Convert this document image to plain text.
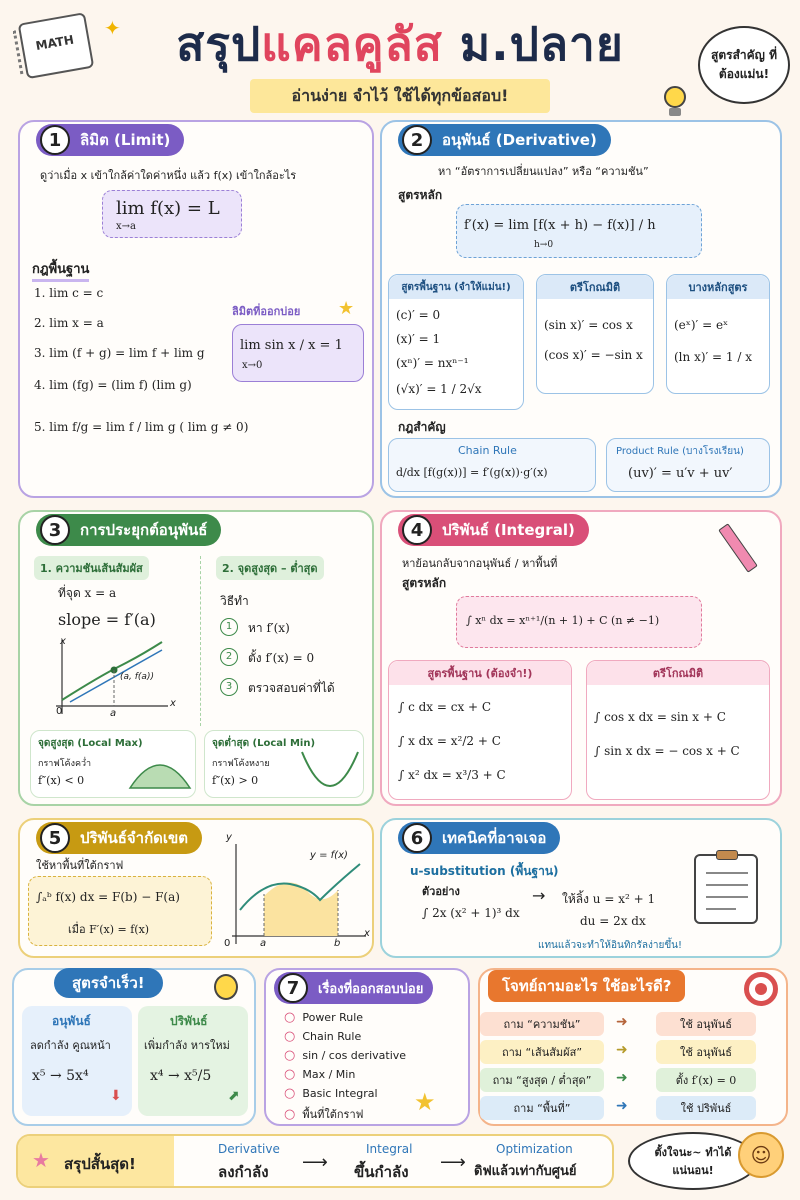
MATH
✦	สรุปแคลคูลัส ม.ปลาย
อ่านง่าย จำไว้ ใช้ได้ทุกข้อสอบ!
สูตรสำคัญ ที่ต้องแม่น!
1	ลิมิต (Limit)
ดูว่าเมื่อ x เข้าใกล้ค่าใดค่าหนึ่ง แล้ว f(x) เข้าใกล้อะไร
lim f(x) = L
x→a
กฎพื้นฐาน
1. lim c = c
2. lim x = a
3. lim (f + g) = lim f + lim g
4. lim (fg) = (lim f) (lim g)
5. lim f/g = lim f / lim g ( lim g ≠ 0)
ลิมิตที่ออกบ่อย ★
lim sin x / x = 1
x→0
2	อนุพันธ์ (Derivative)
หา “อัตราการเปลี่ยนแปลง” หรือ “ความชัน”
สูตรหลัก
f′(x) = lim [f(x + h) − f(x)] / h
h→0
สูตรพื้นฐาน (จำให้แม่น!)
(c)′ = 0
(x)′ = 1
(xⁿ)′ = nxⁿ⁻¹
(√x)′ = 1 / 2√x
ตรีโกณมิติ
(sin x)′ = cos x
(cos x)′ = −sin x
บางหลักสูตร
(eˣ)′ = eˣ
(ln x)′ = 1 / x
กฎสำคัญ
Chain Rule
d/dx [f(g(x))] = f′(g(x))·g′(x)
Product Rule (บางโรงเรียน)
(uv)′ = u′v + uv′
3	การประยุกต์อนุพันธ์
1. ความชันเส้นสัมผัส
ที่จุด x = a
slope = f′(a)
x
x
(a, f(a))
a
0
2. จุดสูงสุด – ต่ำสุด
วิธีทำ
1	หา f′(x)
2	ตั้ง f′(x) = 0
3	ตรวจสอบค่าที่ได้
จุดสูงสุด (Local Max)
กราฟโค้งคว่ำ
f″(x) < 0
จุดต่ำสุด (Local Min)
กราฟโค้งหงาย
f″(x) > 0
4	ปริพันธ์ (Integral)
หาย้อนกลับจากอนุพันธ์ / หาพื้นที่
สูตรหลัก
∫ xⁿ dx = xⁿ⁺¹/(n + 1) + C (n ≠ −1)
สูตรพื้นฐาน (ต้องจำ!)
∫ c dx = cx + C
∫ x dx = x²/2 + C
∫ x² dx = x³/3 + C
ตรีโกณมิติ
∫ cos x dx = sin x + C
∫ sin x dx = − cos x + C
5	ปริพันธ์จำกัดเขต
ใช้หาพื้นที่ใต้กราฟ
∫ₐᵇ f(x) dx = F(b) − F(a)
เมื่อ F′(x) = f(x)
y
y = f(x)
x
0	a	b
6	เทคนิคที่อาจเจอ
u-substitution (พื้นฐาน)
ตัวอย่าง
∫ 2x (x² + 1)³ dx
→ ให้ลิ้ง u = x² + 1
du = 2x dx
แทนแล้วจะทำให้อินทิกรัลง่ายขึ้น!
สูตรจำเร็ว!
อนุพันธ์
ลดกำลัง คูณหน้า
x⁵ → 5x⁴
⬇
ปริพันธ์
เพิ่มกำลัง หารใหม่
x⁴ → x⁵/5
⬈
7	เรื่องที่ออกสอบบ่อย
○ Power Rule
○ Chain Rule
○ sin / cos derivative
○ Max / Min
○ Basic Integral
○ พื้นที่ใต้กราฟ ★
โจทย์ถามอะไร ใช้อะไรดี?
ถาม “ความชัน”	➜	ใช้ อนุพันธ์
ถาม “เส้นสัมผัส”	➜	ใช้ อนุพันธ์
ถาม “สูงสุด / ต่ำสุด”	➜	ตั้ง f′(x) = 0
ถาม “พื้นที่”	➜	ใช้ ปริพันธ์
★ สรุปสั้นสุด!
Derivative
ลงกำลัง ⟶
Integral
ขึ้นกำลัง ⟶
Optimization
ดิฟแล้วเท่ากับศูนย์
ตั้งใจนะ~ ทำได้แน่นอน!
☺
